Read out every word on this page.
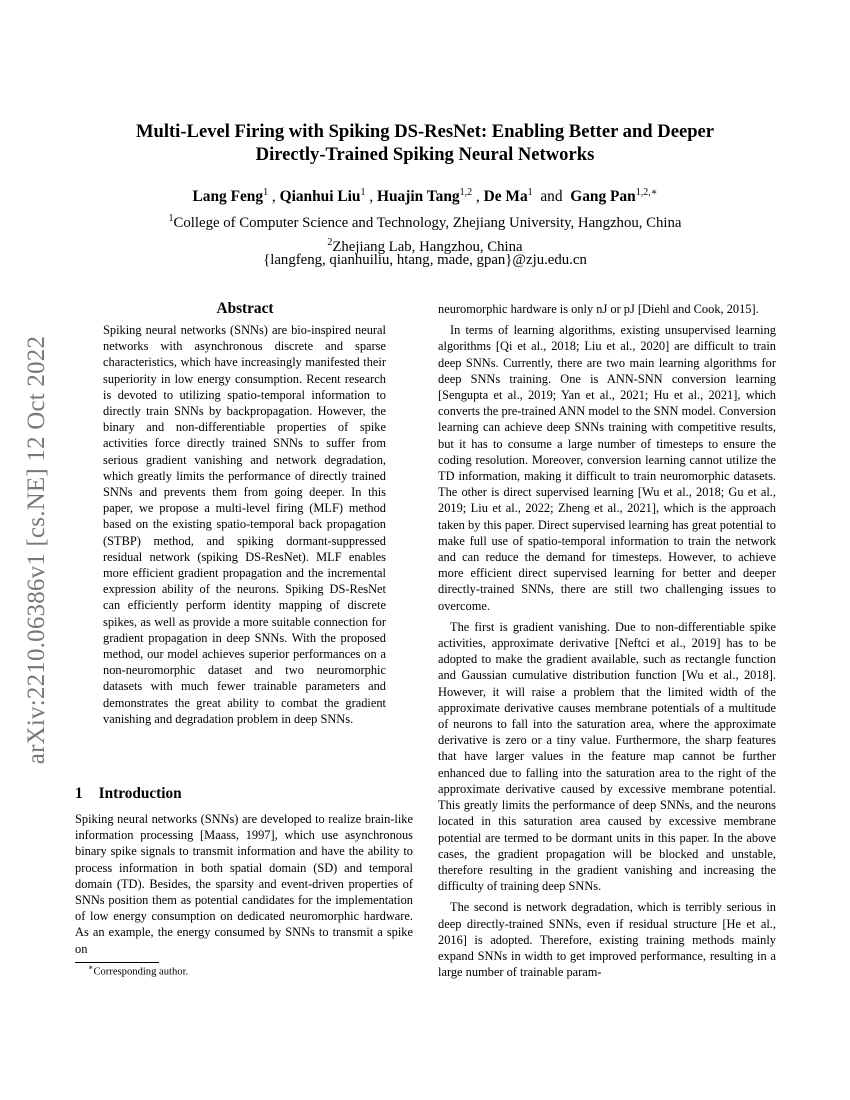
arXiv:2210.06386v1 [cs.NE] 12 Oct 2022
Multi-Level Firing with Spiking DS-ResNet: Enabling Better and Deeper
Directly-Trained Spiking Neural Networks
Lang Feng$^1$ , Qianhui Liu$^1$ , Huajin Tang$^{1,2}$ , De Ma$^1$  and  Gang Pan$^{1,2,∗}$
$^1$College of Computer Science and Technology, Zhejiang University, Hangzhou, China
$^2$Zhejiang Lab, Hangzhou, China
{langfeng, qianhuiliu, htang, made, gpan}@zju.edu.cn
Abstract
Spiking neural networks (SNNs) are bio-inspired neural networks with asynchronous discrete and sparse characteristics, which have increasingly manifested their superiority in low energy consumption. Recent research is devoted to utilizing spatio-temporal information to directly train SNNs by backpropagation. However, the binary and non-differentiable properties of spike activities force directly trained SNNs to suffer from serious gradient vanishing and network degradation, which greatly limits the performance of directly trained SNNs and prevents them from going deeper. In this paper, we propose a multi-level firing (MLF) method based on the existing spatio-temporal back propagation (STBP) method, and spiking dormant-suppressed residual network (spiking DS-ResNet). MLF enables more efficient gradient propagation and the incremental expression ability of the neurons. Spiking DS-ResNet can efficiently perform identity mapping of discrete spikes, as well as provide a more suitable connection for gradient propagation in deep SNNs. With the proposed method, our model achieves superior performances on a non-neuromorphic dataset and two neuromorphic datasets with much fewer trainable parameters and demonstrates the great ability to combat the gradient vanishing and degradation problem in deep SNNs.
1 Introduction
Spiking neural networks (SNNs) are developed to realize brain-like information processing [Maass, 1997], which use asynchronous binary spike signals to transmit information and have the ability to process information in both spatial domain (SD) and temporal domain (TD). Besides, the sparsity and event-driven properties of SNNs position them as potential candidates for the implementation of low energy consumption on dedicated neuromorphic hardware. As an example, the energy consumed by SNNs to transmit a spike on
∗Corresponding author.

neuromorphic hardware is only nJ or pJ [Diehl and Cook, 2015].

In terms of learning algorithms, existing unsupervised learning algorithms [Qi et al., 2018; Liu et al., 2020] are difficult to train deep SNNs. Currently, there are two main learning algorithms for deep SNNs training. One is ANN-SNN conversion learning [Sengupta et al., 2019; Yan et al., 2021; Hu et al., 2021], which converts the pre-trained ANN model to the SNN model. Conversion learning can achieve deep SNNs training with competitive results, but it has to consume a large number of timesteps to ensure the coding resolution. Moreover, conversion learning cannot utilize the TD information, making it difficult to train neuromorphic datasets. The other is direct supervised learning [Wu et al., 2018; Gu et al., 2019; Liu et al., 2022; Zheng et al., 2021], which is the approach taken by this paper. Direct supervised learning has great potential to make full use of spatio-temporal information to train the network and can reduce the demand for timesteps. However, to achieve more efficient direct supervised learning for better and deeper directly-trained SNNs, there are still two challenging issues to overcome.

The first is gradient vanishing. Due to non-differentiable spike activities, approximate derivative [Neftci et al., 2019] has to be adopted to make the gradient available, such as rectangle function and Gaussian cumulative distribution function [Wu et al., 2018]. However, it will raise a problem that the limited width of the approximate derivative causes membrane potentials of a multitude of neurons to fall into the saturation area, where the approximate derivative is zero or a tiny value. Furthermore, the sharp features that have larger values in the feature map cannot be further enhanced due to falling into the saturation area to the right of the approximate derivative caused by excessive membrane potential. This greatly limits the performance of deep SNNs, and the neurons located in this saturation area caused by excessive membrane potential are termed to be dormant units in this paper. In the above cases, the gradient propagation will be blocked and unstable, therefore resulting in the gradient vanishing and increasing the difficulty of training deep SNNs.

The second is network degradation, which is terribly serious in deep directly-trained SNNs, even if residual structure [He et al., 2016] is adopted. Therefore, existing training methods mainly expand SNNs in width to get improved performance, resulting in a large number of trainable param-
